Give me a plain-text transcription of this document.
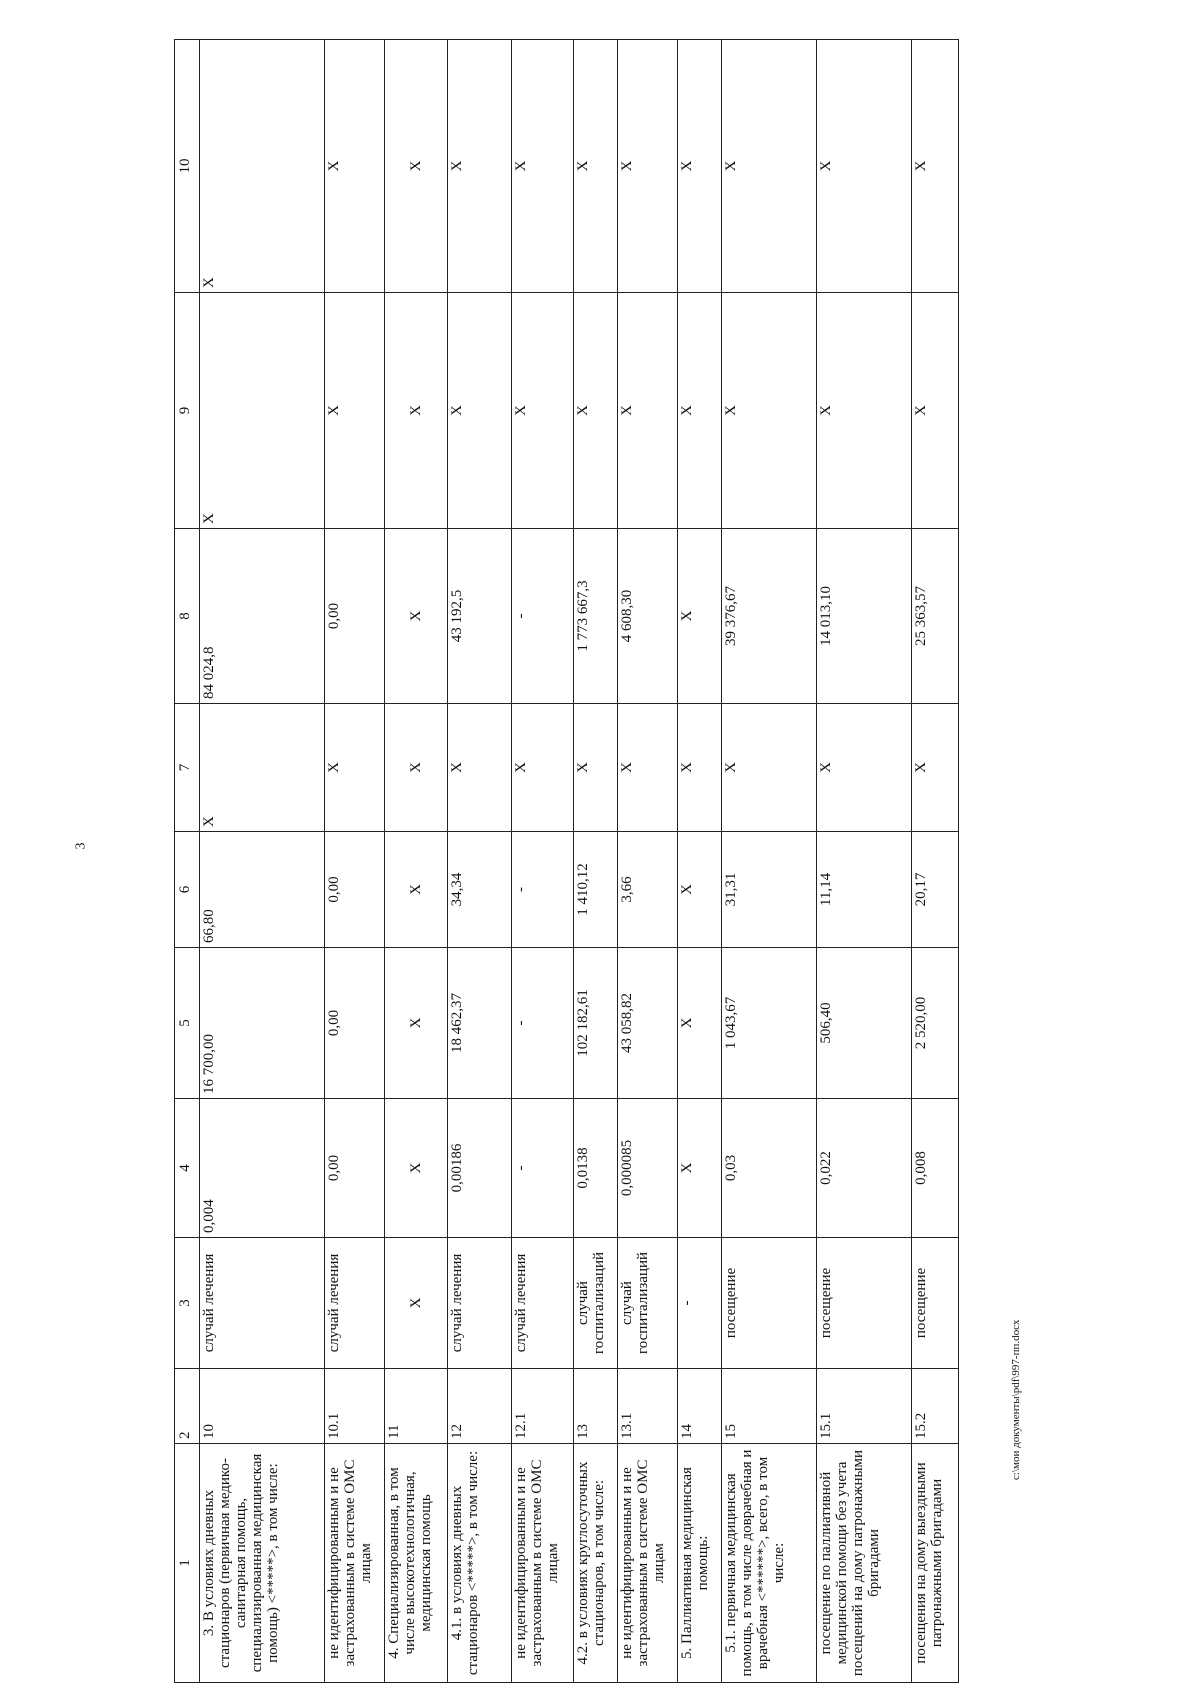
3
1	2	3	4	5	6	7	8	9	10
3. В условиях дневных стационаров (первичная медико-санитарная помощь, специализированная медицинская помощь) <*****>, в том числе:	10	случай лечения	0,004	16 700,00	66,80	X	84 024,8	X	X
не идентифицированным и не застрахованным в системе ОМС лицам	10.1	случай лечения	0,00	0,00	0,00	X	0,00	X	X
4. Специализированная, в том числе высокотехнологичная, медицинская помощь	11	X	X	X	X	X	X	X	X
4.1. в условиях дневных стационаров <*****>, в том числе:	12	случай лечения	0,00186	18 462,37	34,34	X	43 192,5	X	X
не идентифицированным и не застрахованным в системе ОМС лицам	12.1	случай лечения	-	-	-	X	-	X	X
4.2. в условиях круглосуточных стационаров, в том числе:	13	случай госпитализаций	0,0138	102 182,61	1 410,12	X	1 773 667,3	X	X
не идентифицированным и не застрахованным в системе ОМС лицам	13.1	случай госпитализаций	0,000085	43 058,82	3,66	X	4 608,30	X	X
5. Паллиативная медицинская помощь:	14	-	X	X	X	X	X	X	X
5.1. первичная медицинская помощь, в том числе доврачебная и врачебная <******>, всего, в том числе:	15	посещение	0,03	1 043,67	31,31	X	39 376,67	X	X
посещение по паллиативной медицинской помощи без учета посещений на дому патронажными бригадами	15.1	посещение	0,022	506,40	11,14	X	14 013,10	X	X
посещения на дому выездными патронажными бригадами	15.2	посещение	0,008	2 520,00	20,17	X	25 363,57	X	X
c:\мои документы\pdf\997-пп.docx
